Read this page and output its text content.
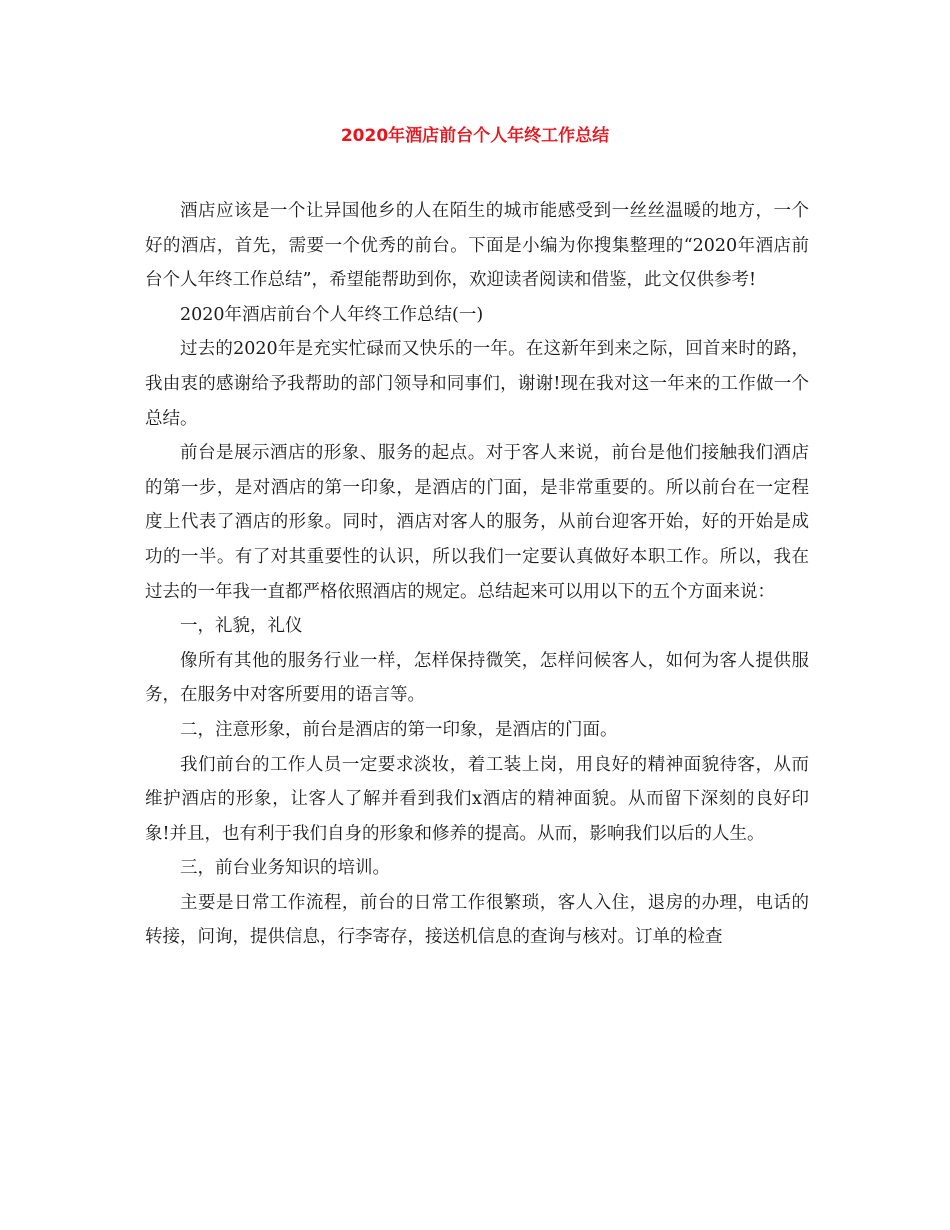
2020年酒店前台个人年终工作总结

酒店应该是一个让异国他乡的人在陌生的城市能感受到一丝丝温暖的地方，一个好的酒店，首先，需要一个优秀的前台。下面是小编为你搜集整理的“2020年酒店前台个人年终工作总结”，希望能帮助到你，欢迎读者阅读和借鉴，此文仅供参考!

2020年酒店前台个人年终工作总结(一)

过去的2020年是充实忙碌而又快乐的一年。在这新年到来之际，回首来时的路，我由衷的感谢给予我帮助的部门领导和同事们，谢谢!现在我对这一年来的工作做一个总结。

前台是展示酒店的形象、服务的起点。对于客人来说，前台是他们接触我们酒店的第一步，是对酒店的第一印象，是酒店的门面，是非常重要的。所以前台在一定程度上代表了酒店的形象。同时，酒店对客人的服务，从前台迎客开始，好的开始是成功的一半。有了对其重要性的认识，所以我们一定要认真做好本职工作。所以，我在过去的一年我一直都严格依照酒店的规定。总结起来可以用以下的五个方面来说：

一，礼貌，礼仪

像所有其他的服务行业一样，怎样保持微笑，怎样问候客人，如何为客人提供服务，在服务中对客所要用的语言等。

二，注意形象，前台是酒店的第一印象，是酒店的门面。

我们前台的工作人员一定要求淡妆，着工装上岗，用良好的精神面貌待客，从而维护酒店的形象，让客人了解并看到我们x酒店的精神面貌。从而留下深刻的良好印象!并且，也有利于我们自身的形象和修养的提高。从而，影响我们以后的人生。

三，前台业务知识的培训。

主要是日常工作流程，前台的日常工作很繁琐，客人入住，退房的办理，电话的转接，问询，提供信息，行李寄存，接送机信息的查询与核对。订单的检查
